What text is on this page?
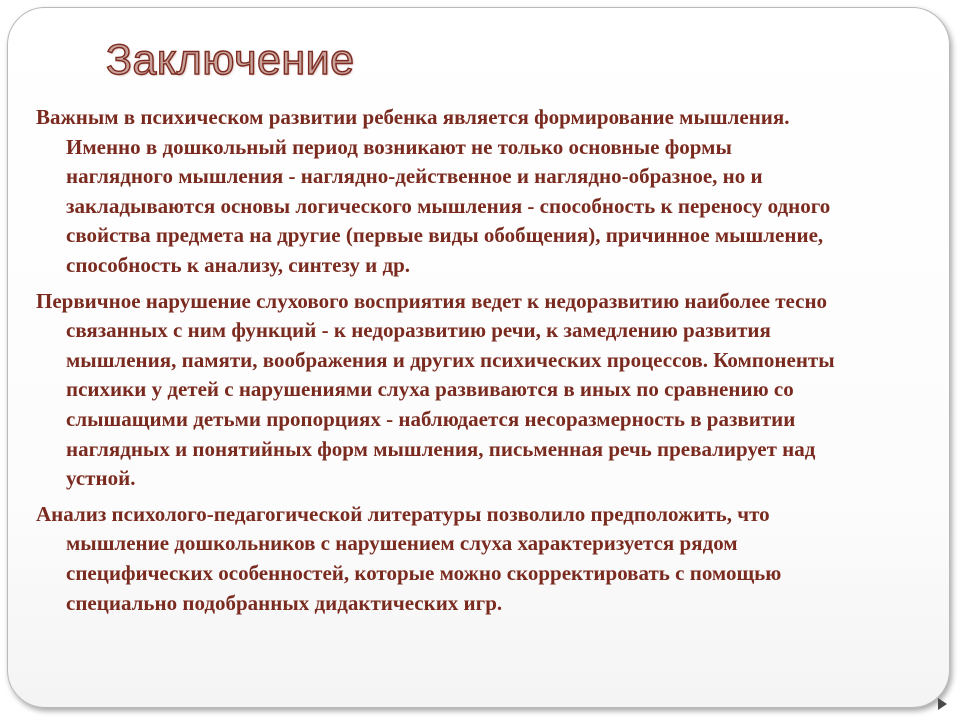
Заключение

Важным в психическом развитии ребенка является формирование мышления.
Именно в дошкольный период возникают не только основные формы
наглядного мышления - наглядно-действенное и наглядно-образное, но и
закладываются основы логического мышления - способность к переносу одного
свойства предмета на другие (первые виды обобщения), причинное мышление,
способность к анализу, синтезу и др.

Первичное нарушение слухового восприятия ведет к недоразвитию наиболее тесно
связанных с ним функций - к недоразвитию речи, к замедлению развития
мышления, памяти, воображения и других психических процессов. Компоненты
психики у детей с нарушениями слуха развиваются в иных по сравнению со
слышащими детьми пропорциях - наблюдается несоразмерность в развитии
наглядных и понятийных форм мышления, письменная речь превалирует над
устной.

Анализ психолого-педагогической литературы позволило предположить, что
мышление дошкольников с нарушением слуха характеризуется рядом
специфических особенностей, которые можно скорректировать с помощью
специально подобранных дидактических игр.
